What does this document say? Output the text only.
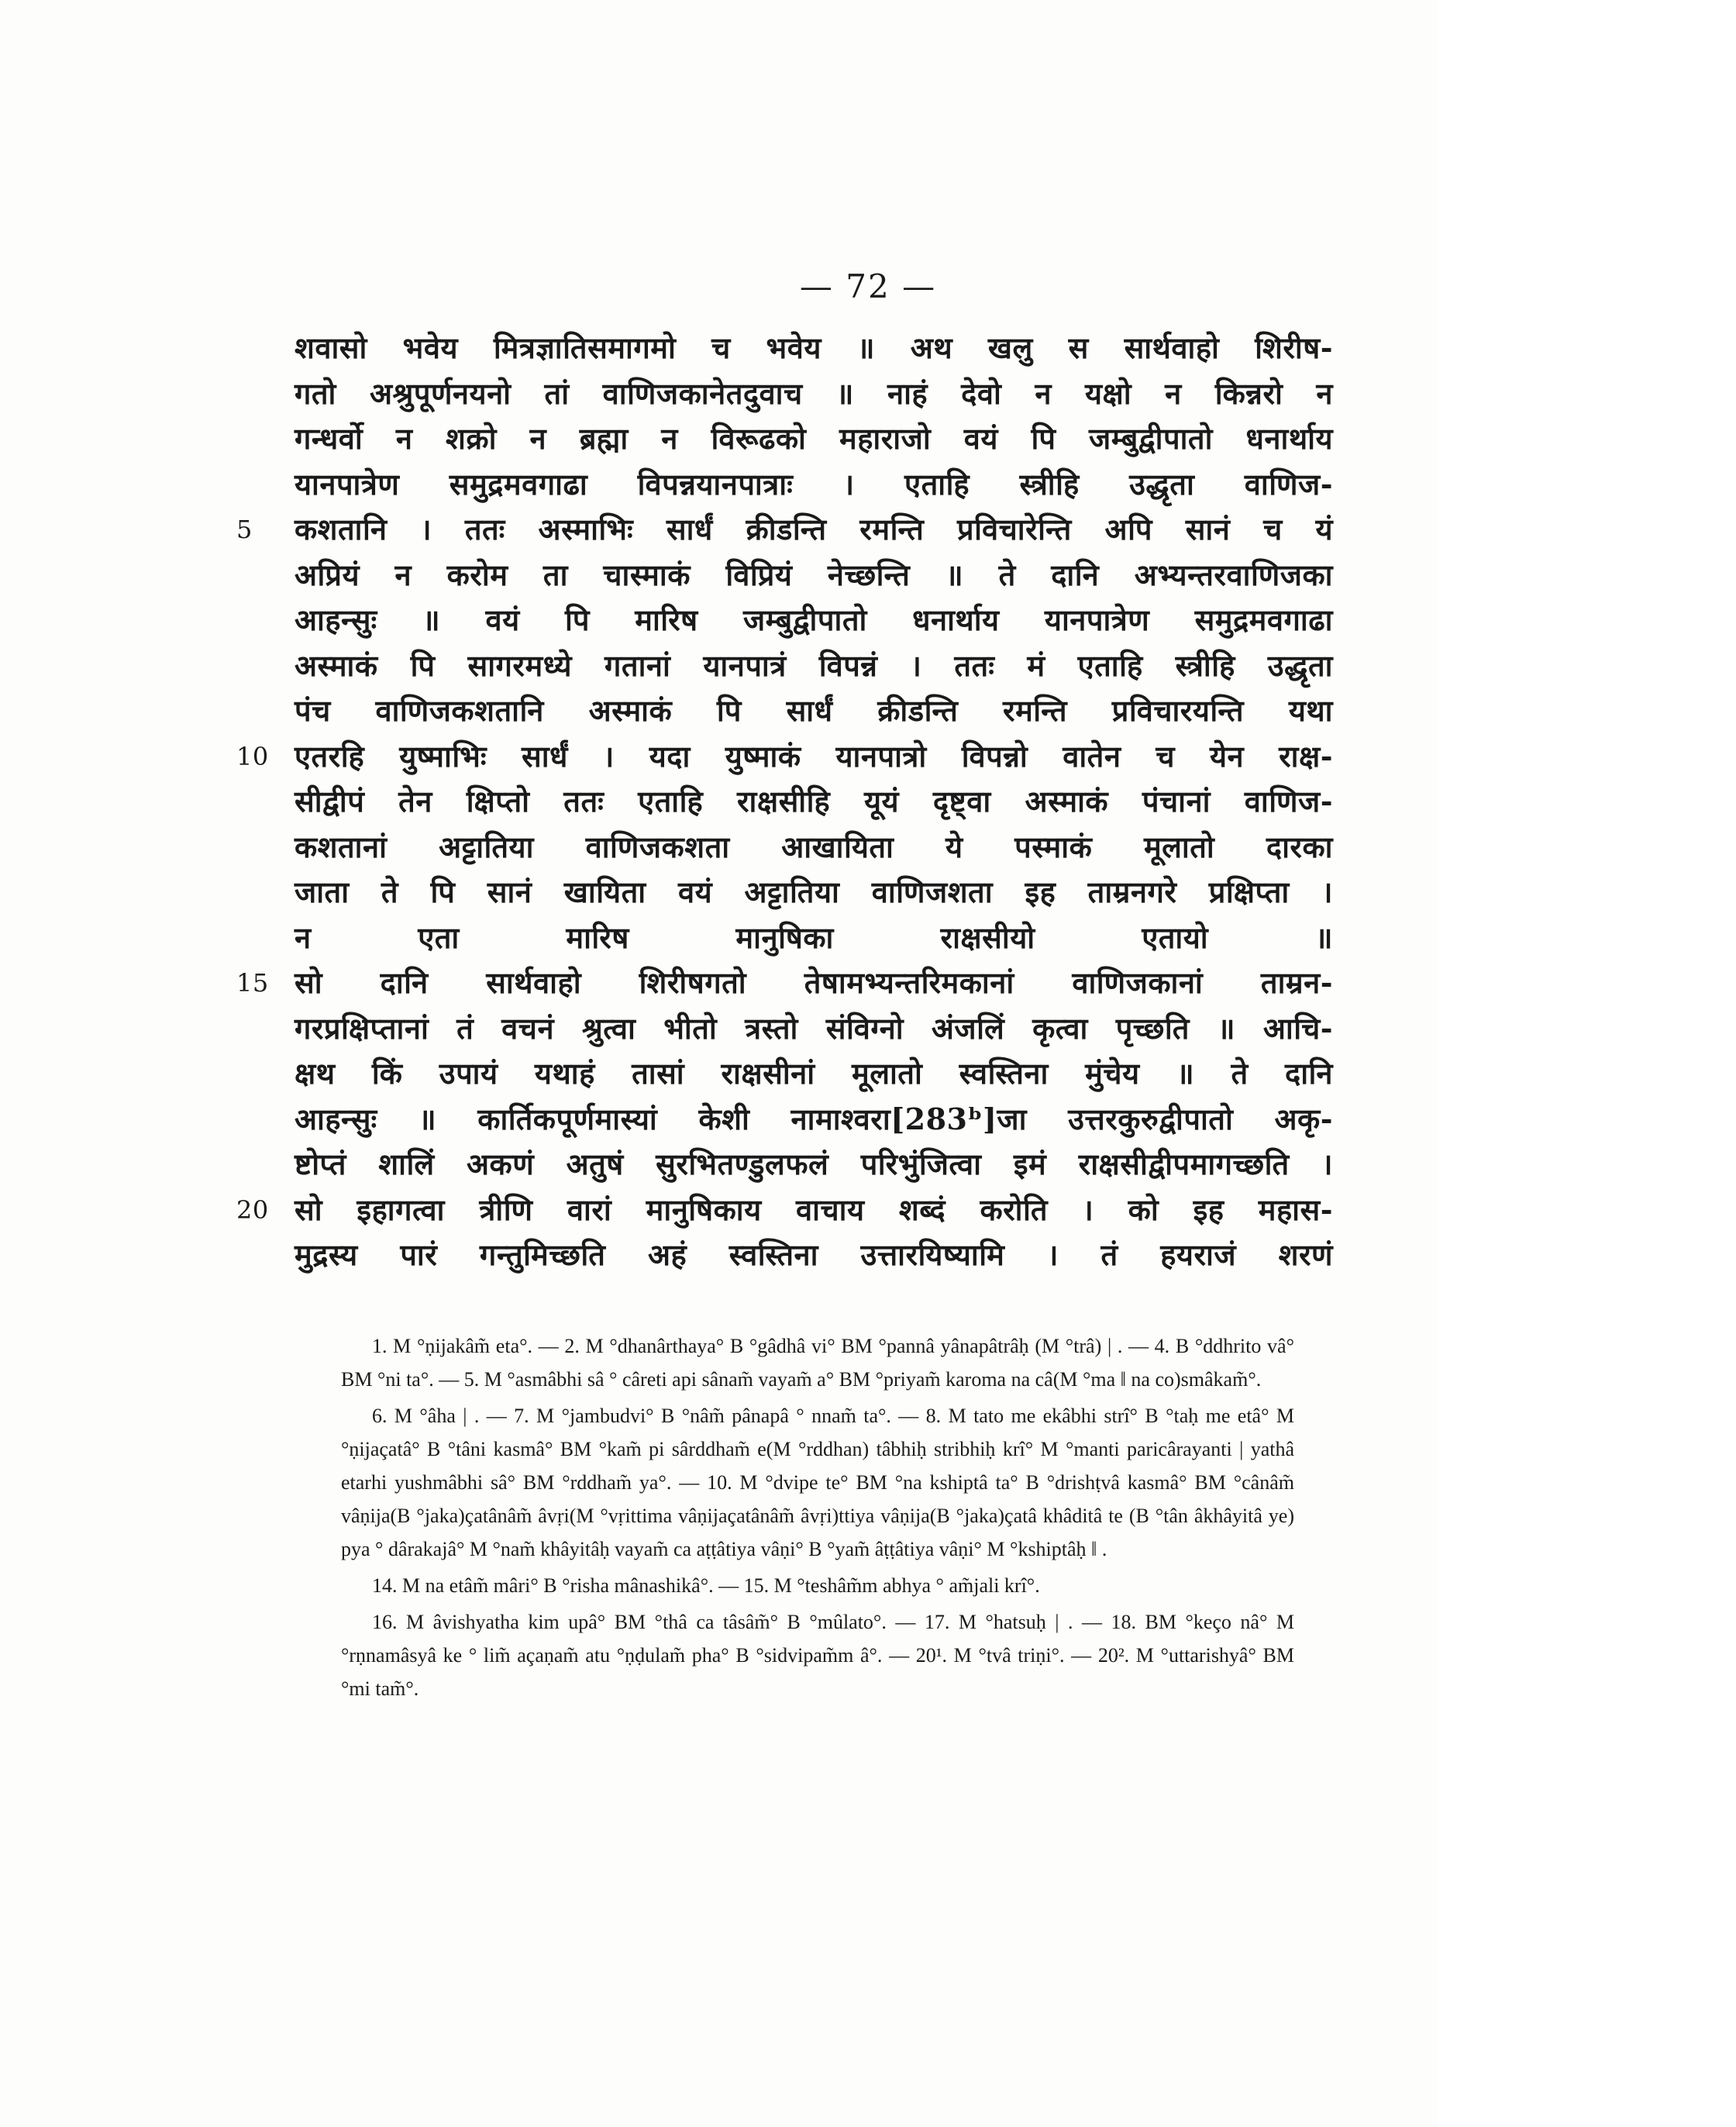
— 72 —
शवासो भवेय मित्रज्ञातिसमागमो च भवेय ॥ अथ खलु स सार्थवाहो शिरीष-
गतो अश्रुपूर्णनयनो तां वाणिजकानेतदुवाच ॥ नाहं देवो न यक्षो न किन्नरो न
गन्धर्वो न शक्रो न ब्रह्मा न विरूढको महाराजो वयं पि जम्बुद्वीपातो धनार्थाय
यानपात्रेण समुद्रमवगाढा विपन्नयानपात्राः । एताहि स्त्रीहि उद्धृता वाणिज-
5	कशतानि । ततः अस्माभिः सार्धं क्रीडन्ति रमन्ति प्रविचारेन्ति अपि सानं च यं
अप्रियं न करोम ता चास्माकं विप्रियं नेच्छन्ति ॥ ते दानि अभ्यन्तरवाणिजका
आहन्सुः ॥ वयं पि मारिष जम्बुद्वीपातो धनार्थाय यानपात्रेण समुद्रमवगाढा
अस्माकं पि सागरमध्ये गतानां यानपात्रं विपन्नं । ततः मं एताहि स्त्रीहि उद्धृता
पंच वाणिजकशतानि अस्माकं पि सार्धं क्रीडन्ति रमन्ति प्रविचारयन्ति यथा
10 एतरहि युष्माभिः सार्धं । यदा युष्माकं यानपात्रो विपन्नो वातेन च येन राक्ष-
सीद्वीपं तेन क्षिप्तो ततः एताहि राक्षसीहि यूयं दृष्ट्वा अस्माकं पंचानां वाणिज-
कशतानां अट्टातिया वाणिजकशता आखायिता ये पस्माकं मूलातो दारका
जाता ते पि सानं खायिता वयं अट्टातिया वाणिजशता इह ताम्रनगरे प्रक्षिप्ता ।
न एता मारिष मानुषिका राक्षसीयो एतायो ॥
15 सो दानि सार्थवाहो शिरीषगतो तेषामभ्यन्तरिमकानां वाणिजकानां ताम्रन-
गरप्रक्षिप्तानां तं वचनं श्रुत्वा भीतो त्रस्तो संविग्नो अंजलिं कृत्वा पृच्छति ॥ आचि-
क्षथ किं उपायं यथाहं तासां राक्षसीनां मूलातो स्वस्तिना मुंचेय ॥ ते दानि
आहन्सुः ॥ कार्तिकपूर्णमास्यां केशी नामाश्वरा[283ᵇ]जा उत्तरकुरुद्वीपातो अकृ-
ष्टोप्तं शालिं अकणं अतुषं सुरभितण्डुलफलं परिभुंजित्वा इमं राक्षसीद्वीपमागच्छति ।
20 सो इहागत्वा त्रीणि वारां मानुषिकाय वाचाय शब्दं करोति । को इह महास-
मुद्रस्य पारं गन्तुमिच्छति अहं स्वस्तिना उत्तारयिष्यामि । तं हयराजं शरणं

1. M °ṇijakâm̃ eta°. — 2. M °dhanârthaya° B °gâdhâ vi° BM °pannâ yânapâtrâḥ (M °trâ) | . — 4. B °ddhrito vâ° BM °ni ta°. — 5. M °asmâbhi sâ ° câreti api sânam̃ vayam̃ a° BM °priyam̃ karoma na câ(M °ma ‖ na co)smâkam̃°.

6. M °âha | . — 7. M °jambudvi° B °nâm̃ pânapâ ° nnam̃ ta°. — 8. M tato me ekâbhi strî° B °taḥ me etâ° M °ṇijaçatâ° B °tâni kasmâ° BM °kam̃ pi sârddham̃ e(M °rddhan) tâbhiḥ stribhiḥ krî° M °manti paricârayanti | yathâ etarhi yushmâbhi sâ° BM °rddham̃ ya°. — 10. M °dvipe te° BM °na kshiptâ ta° B °drishṭvâ kasmâ° BM °cânâm̃ vâṇija(B °jaka)çatânâm̃ âvṛi(M °vṛittima vâṇijaçatânâm̃ âvṛi)ttiya vâṇija(B °jaka)çatâ khâditâ te (B °tân âkhâyitâ ye) pya ° dârakajâ° M °nam̃ khâyitâḥ vayam̃ ca aṭṭâtiya vâṇi° B °yam̃ âṭṭâtiya vâṇi° M °kshiptâḥ ‖ .

14. M na etâm̃ mâri° B °risha mânashikâ°. — 15. M °teshâm̃m abhya ° am̃jali krî°.

16. M âvishyatha kim upâ° BM °thâ ca tâsâm̃° B °mûlato°. — 17. M °hatsuḥ | . — 18. BM °keço nâ° M °rṇnamâsyâ ke ° lim̃ açaṇam̃ atu °ṇḍulam̃ pha° B °sidvipam̃m â°. — 20¹. M °tvâ triṇi°. — 20². M °uttarishyâ° BM °mi tam̃°.
